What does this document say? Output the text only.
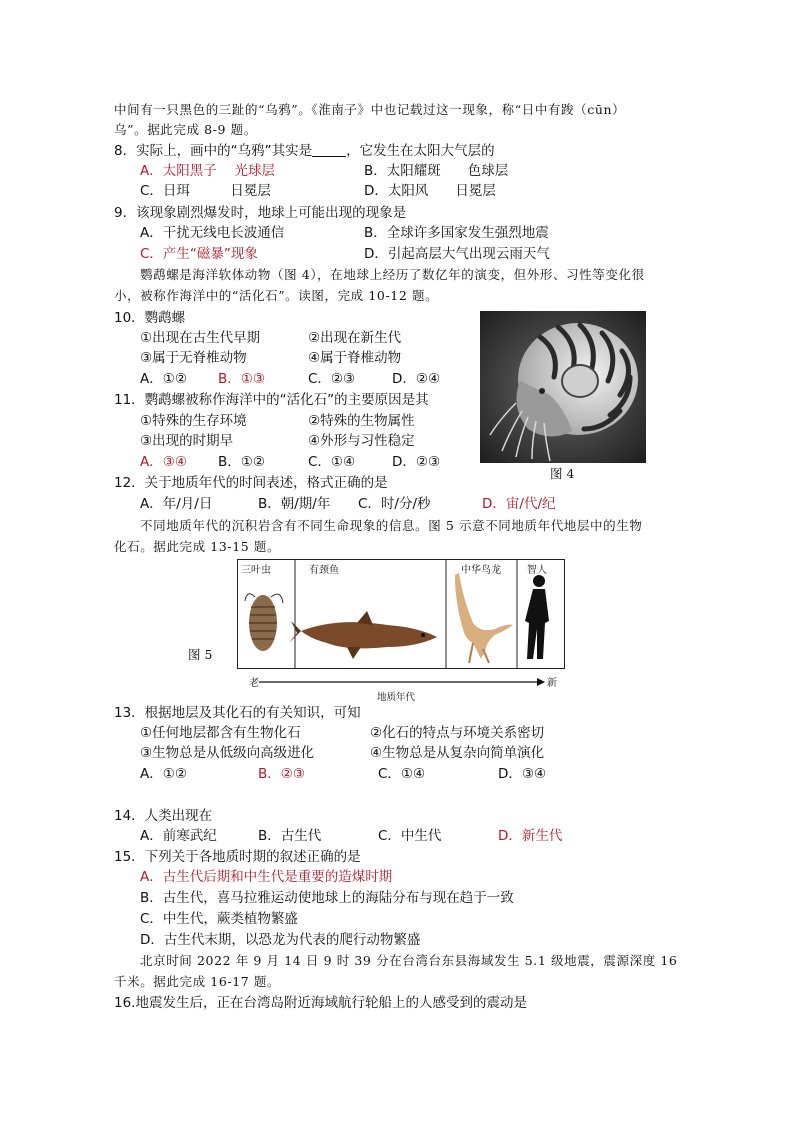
中间有一只黑色的三趾的“乌鸦”。《淮南子》中也记载过这一现象，称“日中有踆（cūn）
乌”。据此完成 8-9 题。
8．实际上，画中的“乌鸦”其实是	，它发生在太阳大气层的
A．太阳黑子　 光球层	B．太阳耀斑　　色球层
C．日珥　　　日冕层	D．太阳风　　日冕层
9．该现象剧烈爆发时，地球上可能出现的现象是
A．干扰无线电长波通信	B．全球许多国家发生强烈地震
C．产生“磁暴”现象	D．引起高层大气出现云雨天气
鹦鹉螺是海洋软体动物（图 4），在地球上经历了数亿年的演变，但外形、习性等变化很
小，被称作海洋中的“活化石”。读图，完成 10-12 题。
10．鹦鹉螺
①出现在古生代早期	②出现在新生代
③属于无脊椎动物	④属于脊椎动物
A．①② B．①③	C．②③	D．②④
11．鹦鹉螺被称作海洋中的“活化石”的主要原因是其
①特殊的生存环境	②特殊的生物属性
③出现的时期早	④外形与习性稳定
A．③④ B．①②	C．①④	D．②③
图 4
12．关于地质年代的时间表述，格式正确的是
A．年/月/日	B．朝/期/年 C．时/分/秒	D．宙/代/纪
不同地质年代的沉积岩含有不同生命现象的信息。图 5 示意不同地质年代地层中的生物
化石。据此完成 13-15 题。
三叶虫	有颈鱼	中华鸟龙	智人
图 5
老	新
地质年代
13．根据地层及其化石的有关知识，可知
①任何地层都含有生物化石	②化石的特点与环境关系密切
③生物总是从低级向高级进化	④生物总是从复杂向简单演化
A．①②	B．②③	C．①④	D．③④
14．人类出现在
A．前寒武纪	B．古生代	C．中生代	D．新生代
15．下列关于各地质时期的叙述正确的是
A．古生代后期和中生代是重要的造煤时期
B．古生代，喜马拉雅运动使地球上的海陆分布与现在趋于一致
C．中生代，蕨类植物繁盛
D．古生代末期，以恐龙为代表的爬行动物繁盛
北京时间 2022 年 9 月 14 日 9 时 39 分在台湾台东县海域发生 5.1 级地震，震源深度 16
千米。据此完成 16-17 题。
16.地震发生后，正在台湾岛附近海域航行轮船上的人感受到的震动是
